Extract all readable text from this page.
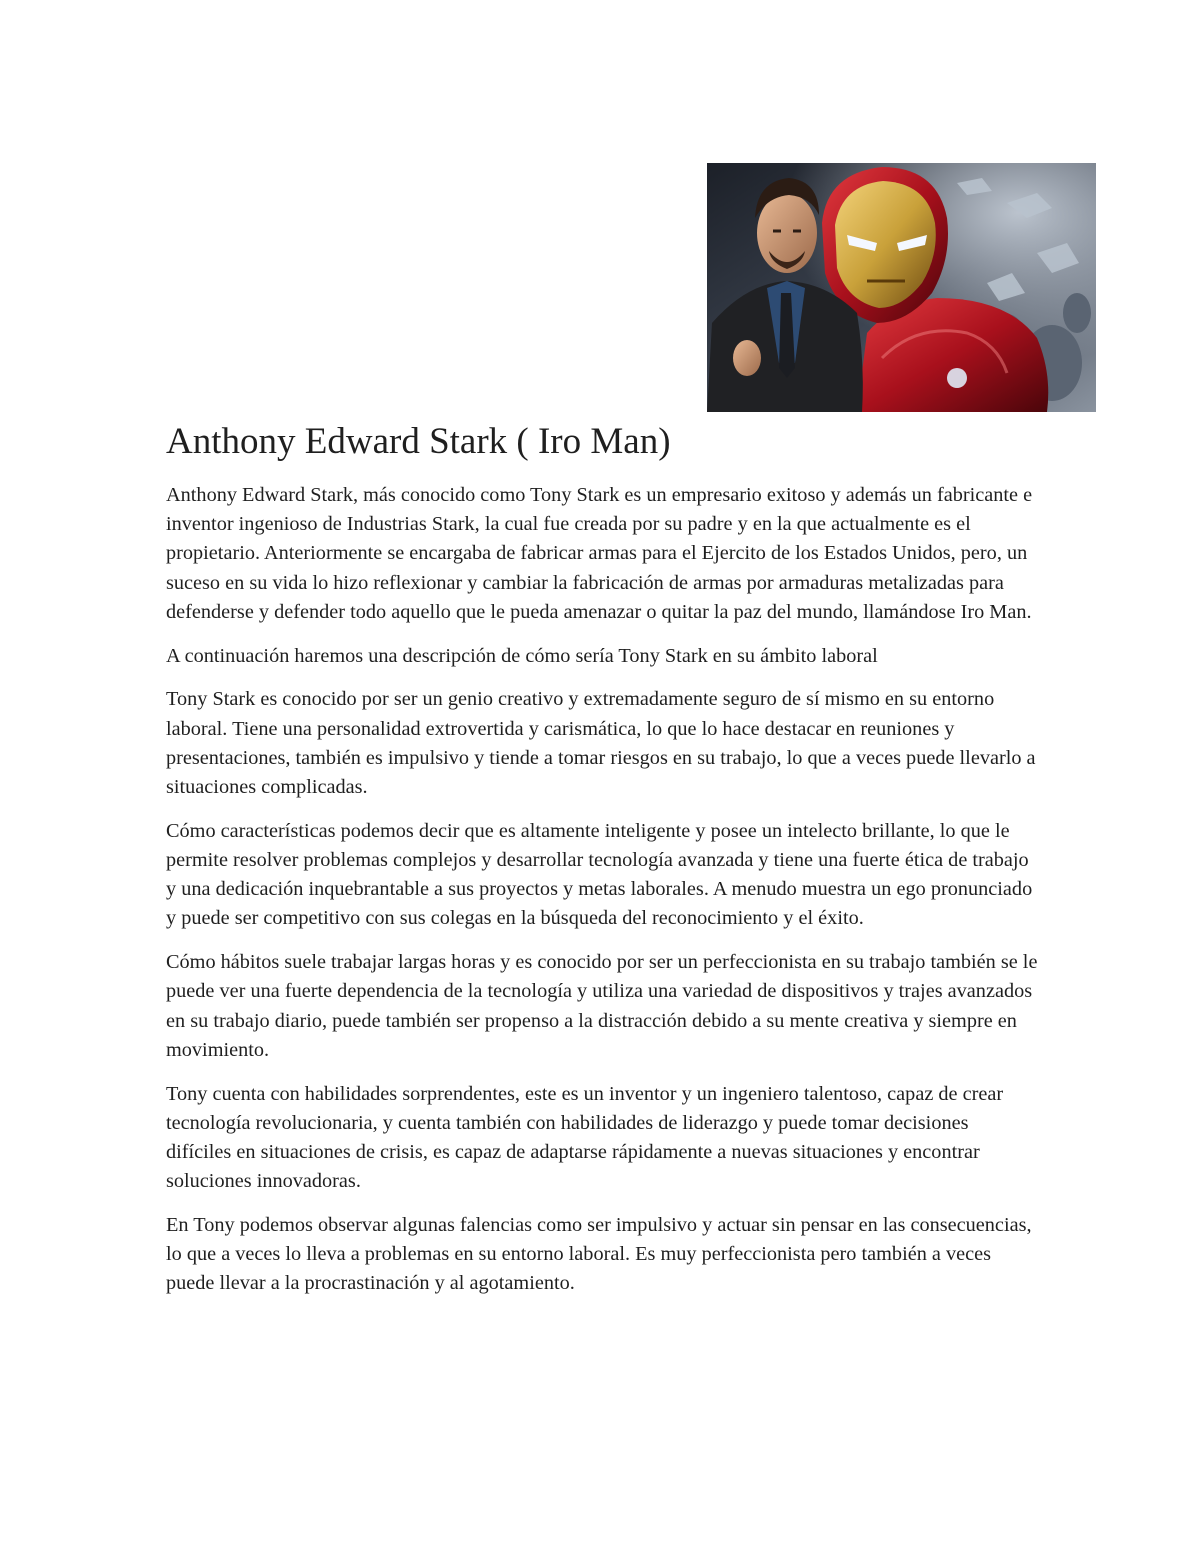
Anthony Edward Stark ( Iro Man)

Anthony Edward Stark, más conocido como Tony Stark es un empresario exitoso y además un fabricante e inventor ingenioso de Industrias Stark, la cual fue creada por su padre y en la que actualmente es el propietario. Anteriormente se encargaba de fabricar armas para el Ejercito de los Estados Unidos, pero, un suceso en su vida lo hizo reflexionar y cambiar la fabricación de armas por armaduras metalizadas para defenderse y defender todo aquello que le pueda amenazar o quitar la paz del mundo, llamándose Iro Man.

A continuación haremos una descripción de cómo sería Tony Stark en su ámbito laboral

Tony Stark es conocido por ser un genio creativo y extremadamente seguro de sí mismo en su entorno laboral. Tiene una personalidad extrovertida y carismática, lo que lo hace destacar en reuniones y presentaciones, también es impulsivo y tiende a tomar riesgos en su trabajo, lo que a veces puede llevarlo a situaciones complicadas.

Cómo características podemos decir que es altamente inteligente y posee un intelecto brillante, lo que le permite resolver problemas complejos y desarrollar tecnología avanzada y tiene una fuerte ética de trabajo y una dedicación inquebrantable a sus proyectos y metas laborales. A menudo muestra un ego pronunciado y puede ser competitivo con sus colegas en la búsqueda del reconocimiento y el éxito.

Cómo hábitos suele trabajar largas horas y es conocido por ser un perfeccionista en su trabajo también se le puede ver una fuerte dependencia de la tecnología y utiliza una variedad de dispositivos y trajes avanzados en su trabajo diario, puede también ser propenso a la distracción debido a su mente creativa y siempre en movimiento.

Tony cuenta con habilidades sorprendentes, este es un inventor y un ingeniero talentoso, capaz de crear tecnología revolucionaria, y cuenta también con habilidades de liderazgo y puede tomar decisiones difíciles en situaciones de crisis, es capaz de adaptarse rápidamente a nuevas situaciones y encontrar soluciones innovadoras.

En Tony podemos observar algunas falencias como ser impulsivo y actuar sin pensar en las consecuencias, lo que a veces lo lleva a problemas en su entorno laboral. Es muy perfeccionista pero también a veces puede llevar a la procrastinación y al agotamiento.
